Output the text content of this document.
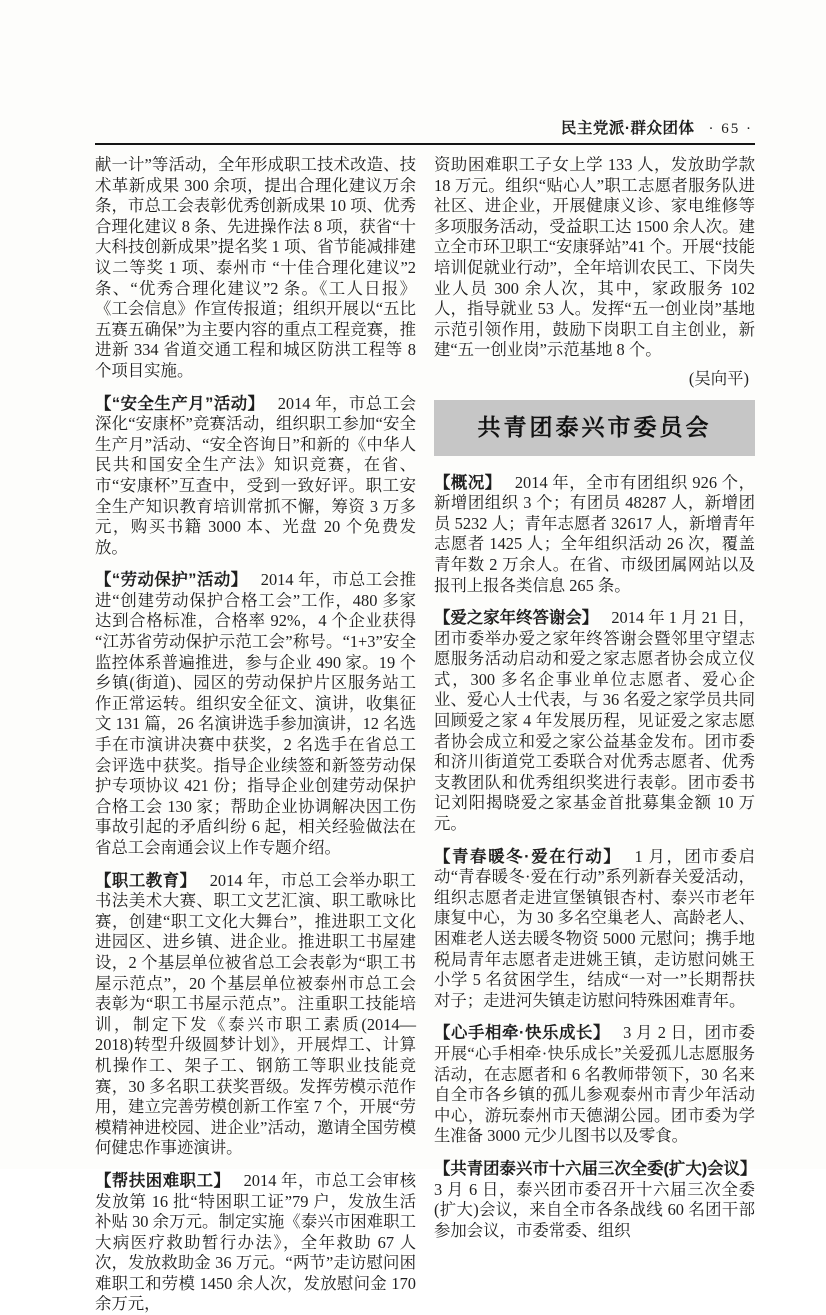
民主党派·群众团体 · 65 ·

献一计”等活动，全年形成职工技术改造、技术革新成果 300 余项，提出合理化建议万余条，市总工会表彰优秀创新成果 10 项、优秀合理化建议 8 条、先进操作法 8 项，获省“十大科技创新成果”提名奖 1 项、省节能减排建议二等奖 1 项、泰州市 “十佳合理化建议”2 条、“优秀合理化建议”2 条。《工人日报》《工会信息》作宣传报道；组织开展以“五比五赛五确保”为主要内容的重点工程竞赛，推进新 334 省道交通工程和城区防洪工程等 8 个项目实施。

【“安全生产月”活动】 2014 年，市总工会深化“安康杯”竞赛活动，组织职工参加“安全生产月”活动、“安全咨询日”和新的《中华人民共和国安全生产法》知识竞赛，在省、市“安康杯”互查中，受到一致好评。职工安全生产知识教育培训常抓不懈，筹资 3 万多元，购买书籍 3000 本、光盘 20 个免费发放。

【“劳动保护”活动】 2014 年，市总工会推进“创建劳动保护合格工会”工作，480 多家达到合格标准，合格率 92%，4 个企业获得 “江苏省劳动保护示范工会”称号。“1+3”安全监控体系普遍推进，参与企业 490 家。19 个乡镇(街道)、园区的劳动保护片区服务站工作正常运转。组织安全征文、演讲，收集征文 131 篇，26 名演讲选手参加演讲，12 名选手在市演讲决赛中获奖，2 名选手在省总工会评选中获奖。指导企业续签和新签劳动保护专项协议 421 份；指导企业创建劳动保护合格工会 130 家；帮助企业协调解决因工伤事故引起的矛盾纠纷 6 起，相关经验做法在省总工会南通会议上作专题介绍。

【职工教育】 2014 年，市总工会举办职工书法美术大赛、职工文艺汇演、职工歌咏比赛，创建“职工文化大舞台”，推进职工文化进园区、进乡镇、进企业。推进职工书屋建设，2 个基层单位被省总工会表彰为“职工书屋示范点”，20 个基层单位被泰州市总工会表彰为“职工书屋示范点”。注重职工技能培训，制定下发《泰兴市职工素质(2014—2018)转型升级圆梦计划》，开展焊工、计算机操作工、架子工、钢筋工等职业技能竞赛，30 多名职工获奖晋级。发挥劳模示范作用，建立完善劳模创新工作室 7 个，开展“劳模精神进校园、进企业”活动，邀请全国劳模何健忠作事迹演讲。

【帮扶困难职工】 2014 年，市总工会审核发放第 16 批“特困职工证”79 户，发放生活补贴 30 余万元。制定实施《泰兴市困难职工大病医疗救助暂行办法》，全年救助 67 人次，发放救助金 36 万元。“两节”走访慰问困难职工和劳模 1450 余人次，发放慰问金 170 余万元，

资助困难职工子女上学 133 人，发放助学款 18 万元。组织“贴心人”职工志愿者服务队进社区、进企业，开展健康义诊、家电维修等多项服务活动，受益职工达 1500 余人次。建立全市环卫职工“安康驿站”41 个。开展“技能培训促就业行动”，全年培训农民工、下岗失业人员 300 余人次，其中，家政服务 102 人，指导就业 53 人。发挥“五一创业岗”基地示范引领作用，鼓励下岗职工自主创业，新建“五一创业岗”示范基地 8 个。

(吴向平)
共青团泰兴市委员会

【概况】 2014 年，全市有团组织 926 个，新增团组织 3 个；有团员 48287 人，新增团员 5232 人；青年志愿者 32617 人，新增青年志愿者 1425 人；全年组织活动 26 次，覆盖青年数 2 万余人。在省、市级团属网站以及报刊上报各类信息 265 条。

【爱之家年终答谢会】 2014 年 1 月 21 日，团市委举办爱之家年终答谢会暨邻里守望志愿服务活动启动和爱之家志愿者协会成立仪式，300 多名企事业单位志愿者、爱心企业、爱心人士代表，与 36 名爱之家学员共同回顾爱之家 4 年发展历程，见证爱之家志愿者协会成立和爱之家公益基金发布。团市委和济川街道党工委联合对优秀志愿者、优秀支教团队和优秀组织奖进行表彰。团市委书记刘阳揭晓爱之家基金首批募集金额 10 万元。

【青春暖冬·爱在行动】 1 月，团市委启动“青春暖冬·爱在行动”系列新春关爱活动，组织志愿者走进宣堡镇银杏村、泰兴市老年康复中心，为 30 多名空巢老人、高龄老人、困难老人送去暖冬物资 5000 元慰问；携手地税局青年志愿者走进姚王镇，走访慰问姚王小学 5 名贫困学生，结成“一对一”长期帮扶对子；走进河失镇走访慰问特殊困难青年。

【心手相牵·快乐成长】 3 月 2 日，团市委开展“心手相牵·快乐成长”关爱孤儿志愿服务活动，在志愿者和 6 名教师带领下，30 名来自全市各乡镇的孤儿参观泰州市青少年活动中心，游玩泰州市天德湖公园。团市委为学生准备 3000 元少儿图书以及零食。

【共青团泰兴市十六届三次全委(扩大)会议】3 月 6 日，泰兴团市委召开十六届三次全委(扩大)会议，来自全市各条战线 60 名团干部参加会议，市委常委、组织
